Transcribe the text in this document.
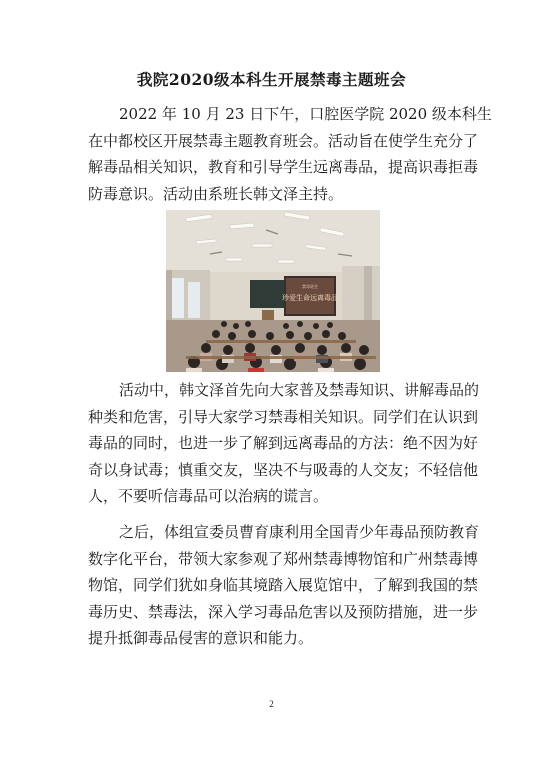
我院2020级本科生开展禁毒主题班会

2022 年 10 月 23 日下午，口腔医学院 2020 级本科生
在中都校区开展禁毒主题教育班会。活动旨在使学生充分了
解毒品相关知识，教育和引导学生远离毒品，提高识毒拒毒
防毒意识。活动由系班长韩文泽主持。

禁毒班会
珍爱生命远离毒品

活动中，韩文泽首先向大家普及禁毒知识、讲解毒品的
种类和危害，引导大家学习禁毒相关知识。同学们在认识到
毒品的同时，也进一步了解到远离毒品的方法：绝不因为好
奇以身试毒；慎重交友，坚决不与吸毒的人交友；不轻信他
人，不要听信毒品可以治病的谎言。

之后，体组宣委员曹育康利用全国青少年毒品预防教育
数字化平台，带领大家参观了郑州禁毒博物馆和广州禁毒博
物馆，同学们犹如身临其境踏入展览馆中，了解到我国的禁
毒历史、禁毒法，深入学习毒品危害以及预防措施，进一步
提升抵御毒品侵害的意识和能力。

2
